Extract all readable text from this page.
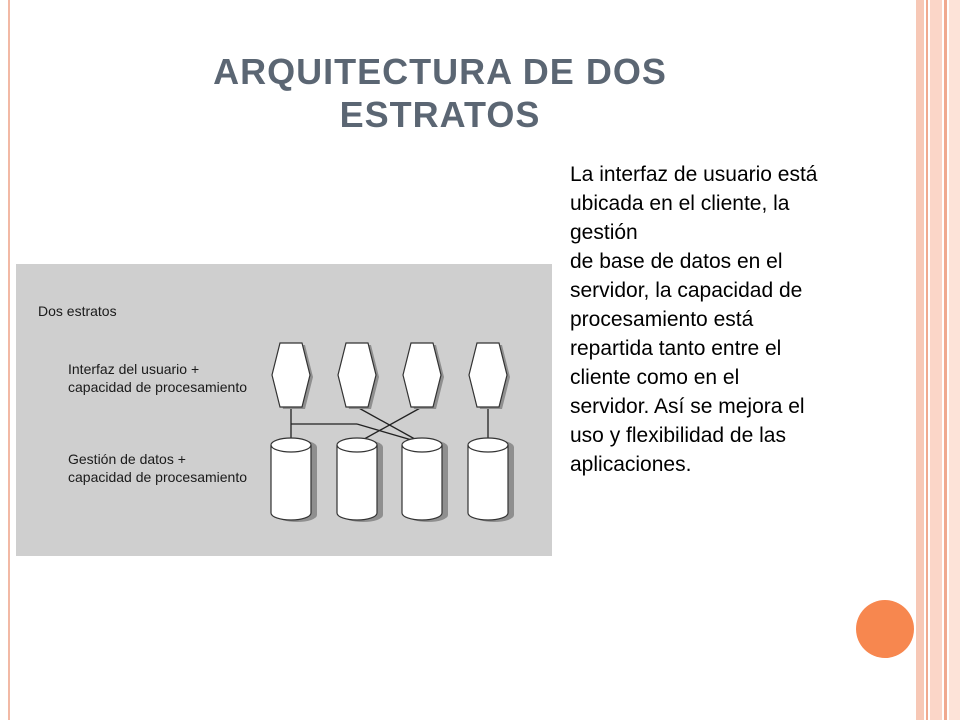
ARQUITECTURA DE DOS
ESTRATOS
La interfaz de usuario está
ubicada en el cliente, la
gestión
de base de datos en el
servidor, la capacidad de
procesamiento está
repartida tanto entre el
cliente como en el
servidor. Así se mejora el
uso y flexibilidad de las
aplicaciones.
Dos estratos
Interfaz del usuario +
capacidad de procesamiento
Gestión de datos +
capacidad de procesamiento
